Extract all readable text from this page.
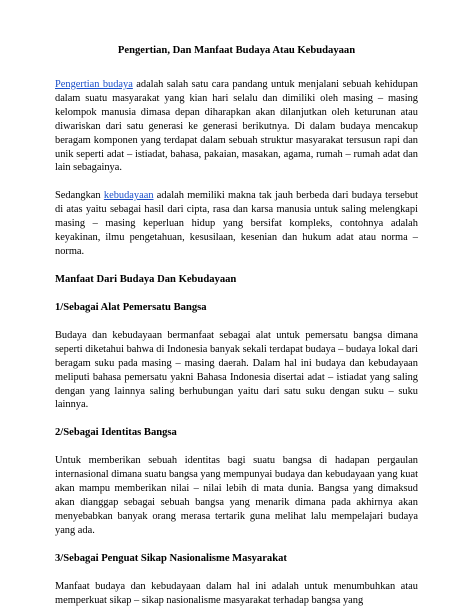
Pengertian, Dan Manfaat Budaya Atau Kebudayaan

Pengertian budaya adalah salah satu cara pandang untuk menjalani sebuah kehidupan dalam suatu masyarakat yang kian hari selalu dan dimiliki oleh masing – masing kelompok manusia dimasa depan diharapkan akan dilanjutkan oleh keturunan atau diwariskan dari satu generasi ke generasi berikutnya. Di dalam budaya mencakup beragam komponen yang terdapat dalam sebuah struktur masyarakat tersusun rapi dan unik seperti adat – istiadat, bahasa, pakaian, masakan, agama, rumah – rumah adat dan lain sebagainya.

Sedangkan kebudayaan adalah memiliki makna tak jauh berbeda dari budaya tersebut di atas yaitu sebagai hasil dari cipta, rasa dan karsa manusia untuk saling melengkapi masing – masing keperluan hidup yang bersifat kompleks, contohnya adalah keyakinan, ilmu pengetahuan, kesusilaan, kesenian dan hukum adat atau norma – norma.

Manfaat Dari Budaya Dan Kebudayaan
1/Sebagai Alat Pemersatu Bangsa

Budaya dan kebudayaan bermanfaat sebagai alat untuk pemersatu bangsa dimana seperti diketahui bahwa di Indonesia banyak sekali terdapat budaya – budaya lokal dari beragam suku pada masing – masing daerah. Dalam hal ini budaya dan kebudayaan meliputi bahasa pemersatu yakni Bahasa Indonesia disertai adat – istiadat yang saling dengan yang lainnya saling berhubungan yaitu dari satu suku dengan suku – suku lainnya.

2/Sebagai Identitas Bangsa

Untuk memberikan sebuah identitas bagi suatu bangsa di hadapan pergaulan internasional dimana suatu bangsa yang mempunyai budaya dan kebudayaan yang kuat akan mampu memberikan nilai – nilai lebih di mata dunia. Bangsa yang dimaksud akan dianggap sebagai sebuah bangsa yang menarik dimana pada akhirnya akan menyebabkan banyak orang merasa tertarik guna melihat lalu mempelajari budaya yang ada.

3/Sebagai Penguat Sikap Nasionalisme Masyarakat

Manfaat budaya dan kebudayaan dalam hal ini adalah untuk menumbuhkan atau memperkuat sikap – sikap nasionalisme masyarakat terhadap bangsa yang
